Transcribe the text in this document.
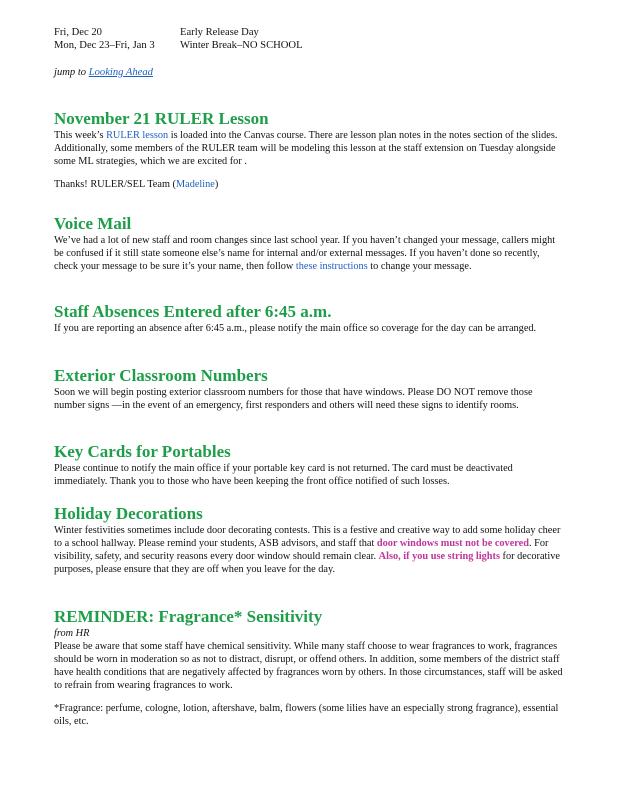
Fri, Dec 20	Early Release Day
Mon, Dec 23–Fri, Jan 3	Winter Break–NO SCHOOL
jump to Looking Ahead
November 21 RULER Lesson

This week’s RULER lesson is loaded into the Canvas course. There are lesson plan notes in the notes section of the slides. Additionally, some members of the RULER team will be modeling this lesson at the staff extension on Tuesday alongside some ML strategies, which we are excited for .

Thanks! RULER/SEL Team (Madeline)

Voice Mail

We’ve had a lot of new staff and room changes since last school year. If you haven’t changed your message, callers might be confused if it still state someone else’s name for internal and/or external messages. If you haven’t done so recently, check your message to be sure it’s your name, then follow these instructions to change your message.

Staff Absences Entered after 6:45 a.m.

If you are reporting an absence after 6:45 a.m., please notify the main office so coverage for the day can be arranged.

Exterior Classroom Numbers

Soon we will begin posting exterior classroom numbers for those that have windows. Please DO NOT remove those number signs —in the event of an emergency, first responders and others will need these signs to identify rooms.

Key Cards for Portables

Please continue to notify the main office if your portable key card is not returned. The card must be deactivated immediately. Thank you to those who have been keeping the front office notified of such losses.

Holiday Decorations

Winter festivities sometimes include door decorating contests. This is a festive and creative way to add some holiday cheer to a school hallway. Please remind your students, ASB advisors, and staff that door windows must not be covered. For visibility, safety, and security reasons every door window should remain clear. Also, if you use string lights for decorative purposes, please ensure that they are off when you leave for the day.

REMINDER: Fragrance* Sensitivity
from HR

Please be aware that some staff have chemical sensitivity. While many staff choose to wear fragrances to work, fragrances should be worn in moderation so as not to distract, disrupt, or offend others. In addition, some members of the district staff have health conditions that are negatively affected by fragrances worn by others. In those circumstances, staff will be asked to refrain from wearing fragrances to work.

*Fragrance: perfume, cologne, lotion, aftershave, balm, flowers (some lilies have an especially strong fragrance), essential oils, etc.
